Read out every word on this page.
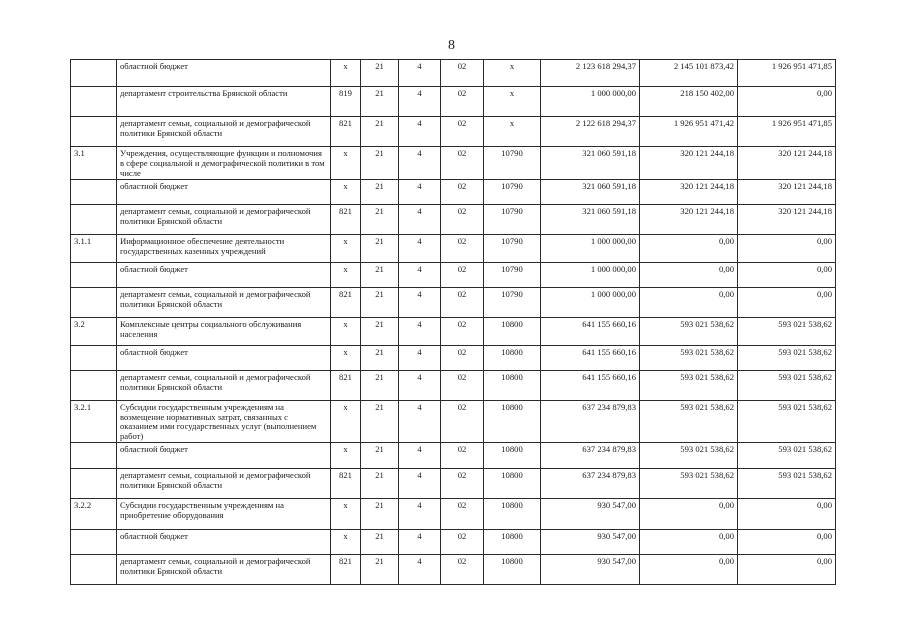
8
	областной бюджет	x	21	4	02	x	2 123 618 294,37	2 145 101 873,42	1 926 951 471,85
	департамент строительства Брянской области	819	21	4	02	x	1 000 000,00	218 150 402,00	0,00
	департамент семьи, социальной и демографической политики Брянской области	821	21	4	02	x	2 122 618 294,37	1 926 951 471,42	1 926 951 471,85
3.1	Учреждения, осуществляющие функции и полномочия в сфере социальной и демографической политики в том числе	x	21	4	02	10790	321 060 591,18	320 121 244,18	320 121 244,18
	областной бюджет	x	21	4	02	10790	321 060 591,18	320 121 244,18	320 121 244,18
	департамент семьи, социальной и демографической политики Брянской области	821	21	4	02	10790	321 060 591,18	320 121 244,18	320 121 244,18
3.1.1	Информационное обеспечение деятельности государственных казенных учреждений	x	21	4	02	10790	1 000 000,00	0,00	0,00
	областной бюджет	x	21	4	02	10790	1 000 000,00	0,00	0,00
	департамент семьи, социальной и демографической политики Брянской области	821	21	4	02	10790	1 000 000,00	0,00	0,00
3.2	Комплексные центры социального обслуживания населения	x	21	4	02	10800	641 155 660,16	593 021 538,62	593 021 538,62
	областной бюджет	x	21	4	02	10800	641 155 660,16	593 021 538,62	593 021 538,62
	департамент семьи, социальной и демографической политики Брянской области	821	21	4	02	10800	641 155 660,16	593 021 538,62	593 021 538,62
3.2.1	Субсидии государственным учреждениям на возмещение нормативных затрат, связанных с оказанием ими государственных услуг (выполнением работ)	x	21	4	02	10800	637 234 879,83	593 021 538,62	593 021 538,62
	областной бюджет	x	21	4	02	10800	637 234 879,83	593 021 538,62	593 021 538,62
	департамент семьи, социальной и демографической политики Брянской области	821	21	4	02	10800	637 234 879,83	593 021 538,62	593 021 538,62
3.2.2	Субсидии государственным учреждениям на приобретение оборудования	x	21	4	02	10800	930 547,00	0,00	0,00
	областной бюджет	x	21	4	02	10800	930 547,00	0,00	0,00
	департамент семьи, социальной и демографической политики Брянской области	821	21	4	02	10800	930 547,00	0,00	0,00
